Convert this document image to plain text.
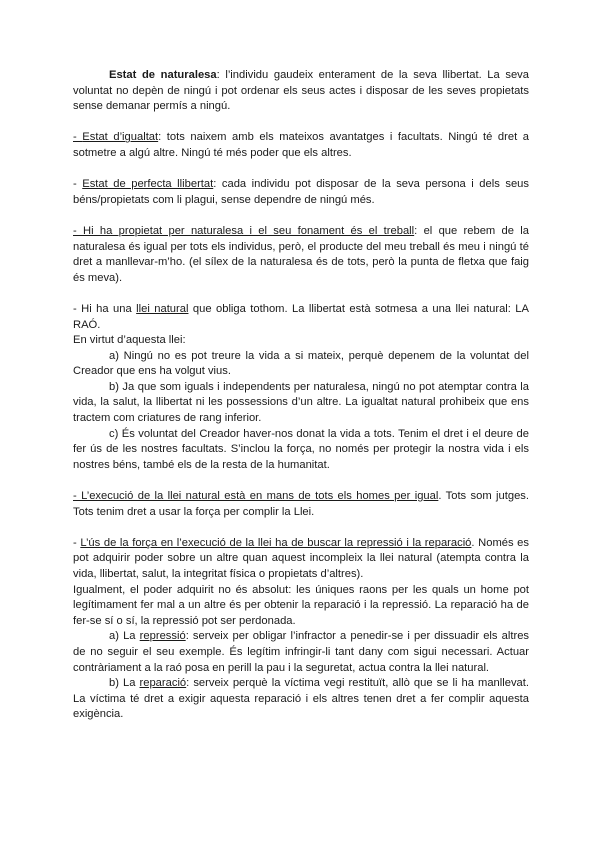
Estat de naturalesa: l’individu gaudeix enterament de la seva llibertat. La seva voluntat no depèn de ningú i pot ordenar els seus actes i disposar de les seves propietats sense demanar permís a ningú.

- Estat d’igualtat: tots naixem amb els mateixos avantatges i facultats. Ningú té dret a sotmetre a algú altre. Ningú té més poder que els altres.

- Estat de perfecta llibertat: cada individu pot disposar de la seva persona i dels seus béns/propietats com li plagui, sense dependre de ningú més.

- Hi ha propietat per naturalesa i el seu fonament és el treball: el que rebem de la naturalesa és igual per tots els individus, però, el producte del meu treball és meu i ningú té dret a manllevar-m’ho. (el sílex de la naturalesa és de tots, però la punta de fletxa que faig és meva).

- Hi ha una llei natural que obliga tothom. La llibertat està sotmesa a una llei natural: LA RAÓ.

En virtut d’aquesta llei:

a) Ningú no es pot treure la vida a si mateix, perquè depenem de la voluntat del Creador que ens ha volgut vius.

b) Ja que som iguals i independents per naturalesa, ningú no pot atemptar contra la vida, la salut, la llibertat ni les possessions d’un altre. La igualtat natural prohibeix que ens tractem com criatures de rang inferior.

c) És voluntat del Creador haver-nos donat la vida a tots. Tenim el dret i el deure de fer ús de les nostres facultats. S’inclou la força, no només per protegir la nostra vida i els nostres béns, també els de la resta de la humanitat.

- L’execució de la llei natural està en mans de tots els homes per igual. Tots som jutges. Tots tenim dret a usar la força per complir la Llei.

- L’ús de la força en l’execució de la llei ha de buscar la repressió i la reparació. Només es pot adquirir poder sobre un altre quan aquest incompleix la llei natural (atempta contra la vida, llibertat, salut, la integritat física o propietats d’altres).

Igualment, el poder adquirit no és absolut: les úniques raons per les quals un home pot legítimament fer mal a un altre és per obtenir la reparació i la repressió. La reparació ha de fer-se sí o sí, la repressió pot ser perdonada.

a) La repressió: serveix per obligar l’infractor a penedir-se i per dissuadir els altres de no seguir el seu exemple. És legítim infringir-li tant dany com sigui necessari. Actuar contràriament a la raó posa en perill la pau i la seguretat, actua contra la llei natural.

b) La reparació: serveix perquè la víctima vegi restituït, allò que se li ha manllevat. La víctima té dret a exigir aquesta reparació i els altres tenen dret a fer complir aquesta exigència.
